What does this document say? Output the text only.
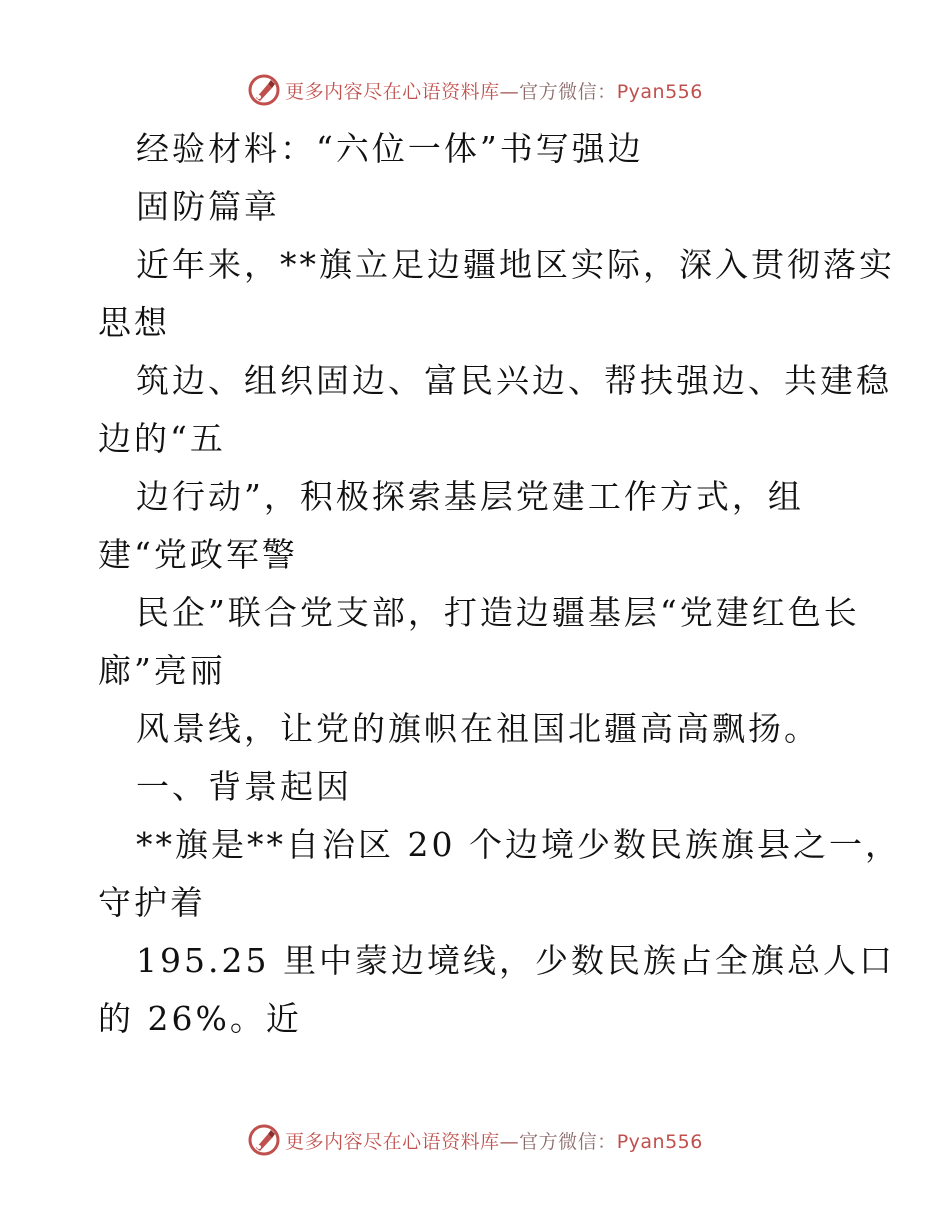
更多内容尽在心语资料库—官方微信：Pyan556
经验材料：“六位一体”书写强边
固防篇章
近年来，**旗立足边疆地区实际，深入贯彻落实
思想
筑边、组织固边、富民兴边、帮扶强边、共建稳
边的“五
边行动”，积极探索基层党建工作方式，组
建“党政军警
民企”联合党支部，打造边疆基层“党建红色长
廊”亮丽
风景线，让党的旗帜在祖国北疆高高飘扬。
一、背景起因
**旗是**自治区 20 个边境少数民族旗县之一，
守护着
195.25 里中蒙边境线，少数民族占全旗总人口
的 26%。近
更多内容尽在心语资料库—官方微信：Pyan556
